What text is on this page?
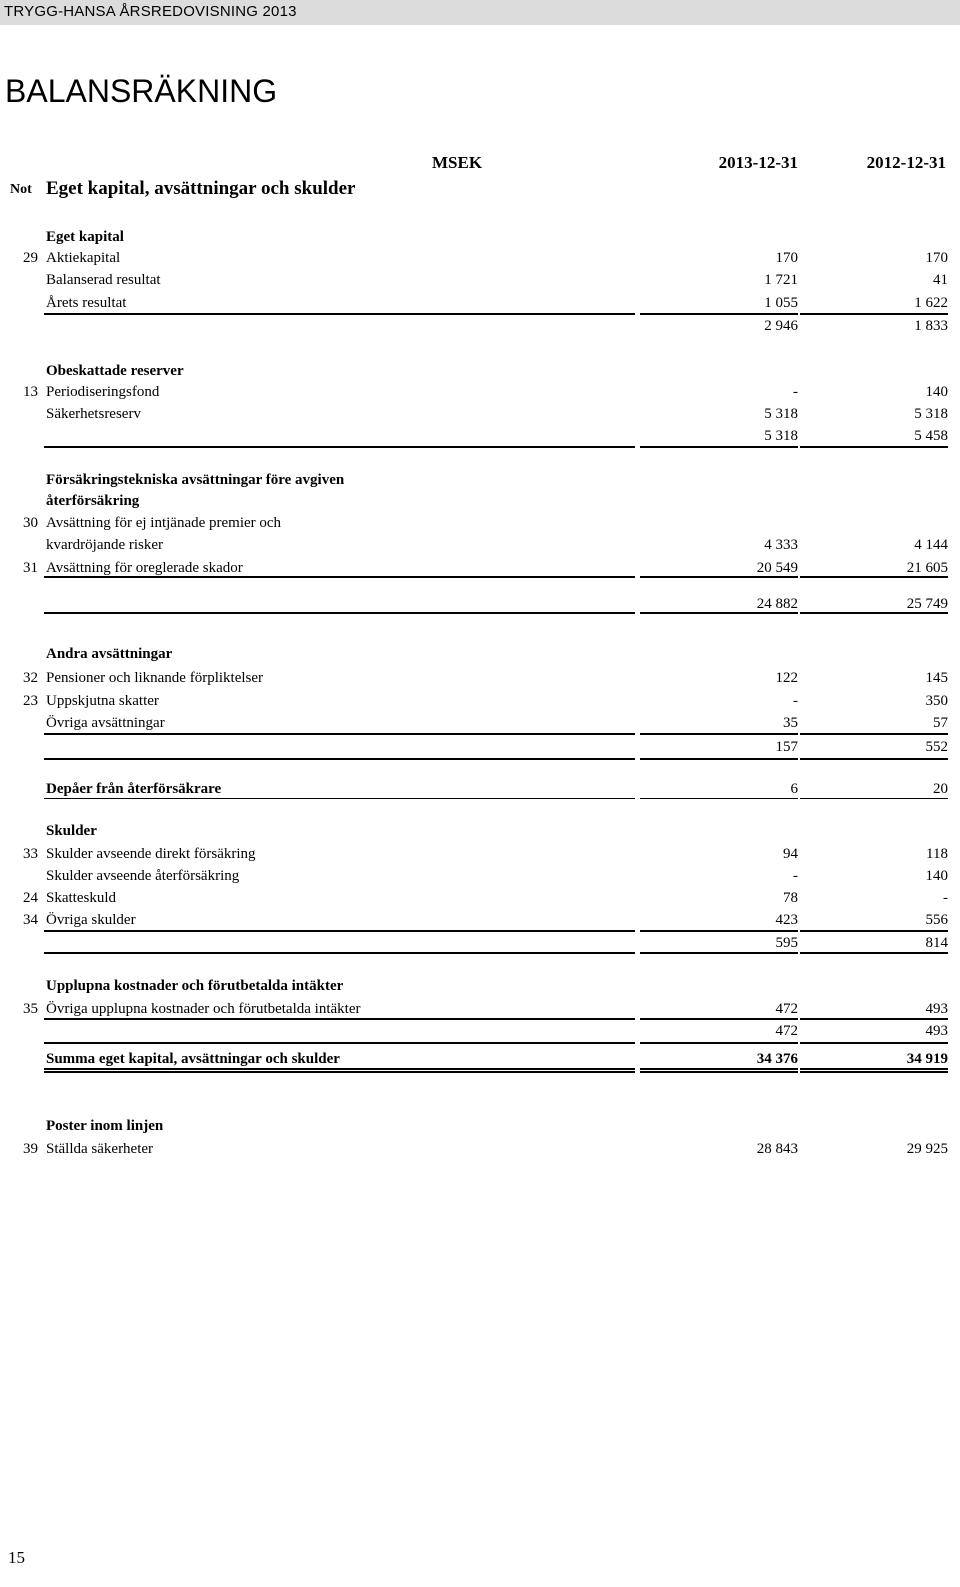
TRYGG-HANSA ÅRSREDOVISNING 2013
BALANSRÄKNING
Not Eget kapital, avsättningar och skulder
MSEK	2013-12-31	2012-12-31
Eget kapital
29 Aktiekapital	170	170
Balanserad resultat	1 721	41
Årets resultat	1 055	1 622
2 946	1 833
Obeskattade reserver
13 Periodiseringsfond	-	140
Säkerhetsreserv	5 318	5 318
5 318	5 458
Försäkringstekniska avsättningar före avgiven
återförsäkring
30 Avsättning för ej intjänade premier och
kvardröjande risker	4 333	4 144
31 Avsättning för oreglerade skador	20 549	21 605
24 882	25 749
Andra avsättningar
32 Pensioner och liknande förpliktelser	122	145
23 Uppskjutna skatter	-	350
Övriga avsättningar	35	57
157	552
Depåer från återförsäkrare	6	20
Skulder
33 Skulder avseende direkt försäkring	94	118
Skulder avseende återförsäkring	-	140
24 Skatteskuld	78	-
34 Övriga skulder	423	556
595	814
Upplupna kostnader och förutbetalda intäkter
35 Övriga upplupna kostnader och förutbetalda intäkter	472	493
472	493
Summa eget kapital, avsättningar och skulder	34 376	34 919
Poster inom linjen
39 Ställda säkerheter	28 843	29 925
15
